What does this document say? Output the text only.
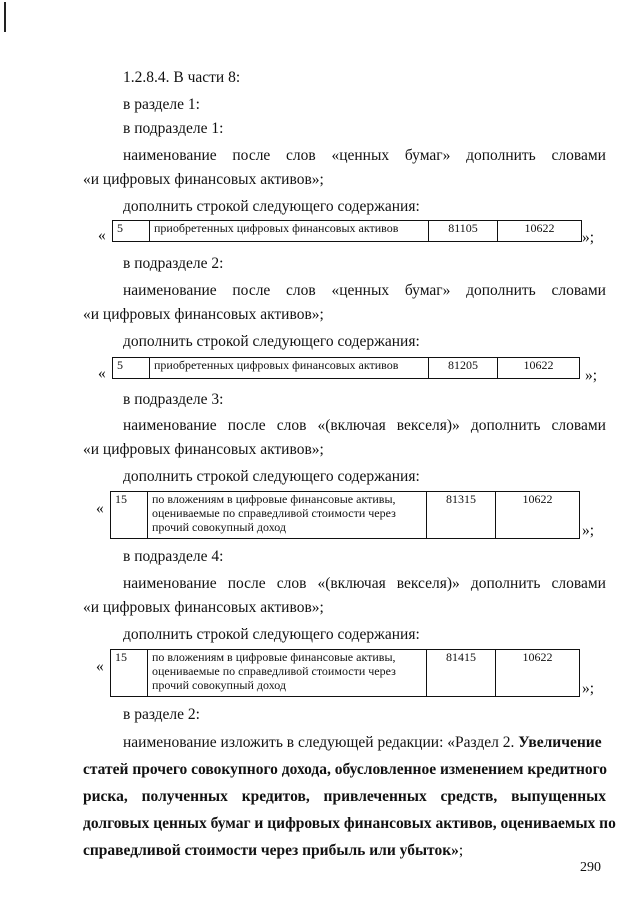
1.2.8.4. В части 8:
в разделе 1:
в подразделе 1:
наименование после слов «ценных бумаг» дополнить словами
«и цифровых финансовых активов»;
дополнить строкой следующего содержания:
« 5	приобретенных цифровых финансовых активов	81105	10622
»;
в подразделе 2:
наименование после слов «ценных бумаг» дополнить словами
«и цифровых финансовых активов»;
дополнить строкой следующего содержания:
« 5	приобретенных цифровых финансовых активов	81205	10622
»;
в подразделе 3:
наименование после слов «(включая векселя)» дополнить словами
«и цифровых финансовых активов»;
дополнить строкой следующего содержания:
«
15	по вложениям в цифровые финансовые активы, оцениваемые по справедливой стоимости через прочий совокупный доход	81315	10622
»;
в подразделе 4:
наименование после слов «(включая векселя)» дополнить словами
«и цифровых финансовых активов»;
дополнить строкой следующего содержания:
«
15	по вложениям в цифровые финансовые активы, оцениваемые по справедливой стоимости через прочий совокупный доход	81415	10622
»;
в разделе 2:
наименование изложить в следующей редакции: «Раздел 2. Увеличение
статей прочего совокупного дохода, обусловленное изменением кредитного
риска, полученных кредитов, привлеченных средств, выпущенных
долговых ценных бумаг и цифровых финансовых активов, оцениваемых по
справедливой стоимости через прибыль или убыток»;
290
